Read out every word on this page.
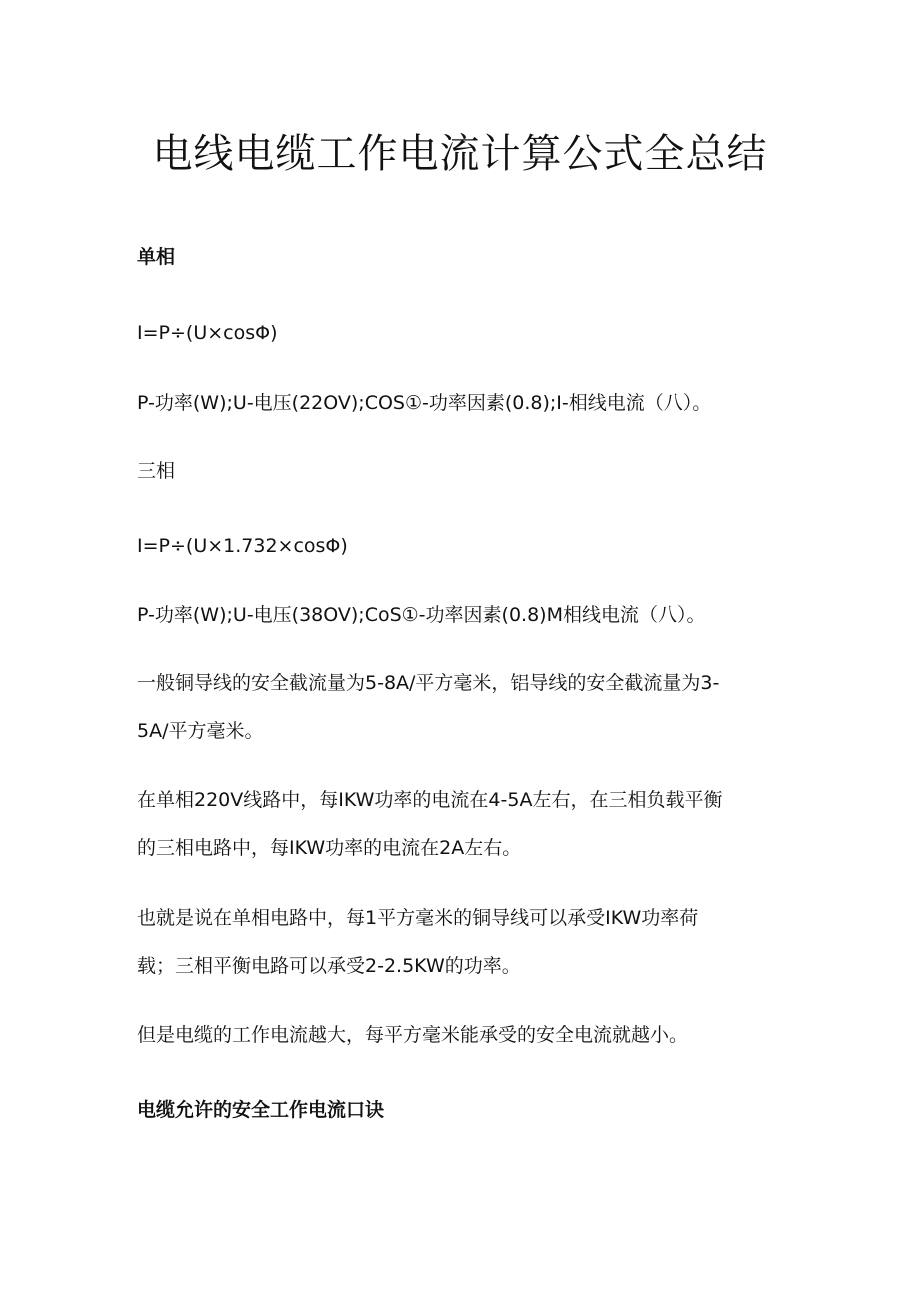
电线电缆工作电流计算公式全总结

单相

I=P÷(U×cosΦ)

P-功率(W);U-电压(22OV);COS①-功率因素(0.8);I-相线电流（八）。

三相

I=P÷(U×1.732×cosΦ)

P-功率(W);U-电压(38OV);CoS①-功率因素(0.8)M相线电流（八）。

一般铜导线的安全截流量为5-8A/平方毫米，铝导线的安全截流量为3-

5A/平方毫米。

在单相220V线路中，每IKW功率的电流在4-5A左右，在三相负载平衡

的三相电路中，每IKW功率的电流在2A左右。

也就是说在单相电路中，每1平方毫米的铜导线可以承受IKW功率荷

载；三相平衡电路可以承受2-2.5KW的功率。

但是电缆的工作电流越大，每平方毫米能承受的安全电流就越小。

电缆允许的安全工作电流口诀
